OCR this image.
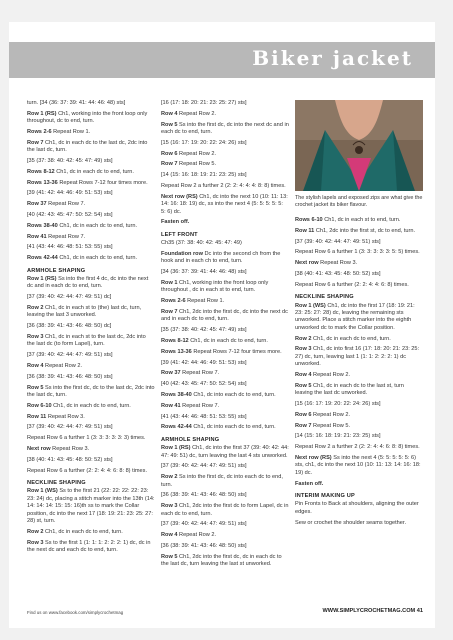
Biker jacket

turn. [34 (36: 37: 39: 41: 44: 46: 48) sts]

Row 1 (RS) Ch1, working into the front loop only throughout, dc to end, turn.

Rows 2-6 Repeat Row 1.

Row 7 Ch1, dc in each dc to the last dc, 2dc into the last dc, turn.

[35 (37: 38: 40: 42: 45: 47: 49) sts]

Rows 8-12 Ch1, dc in each dc to end, turn.

Rows 13-36 Repeat Rows 7-12 four times more.

[39 (41: 42: 44: 46: 49: 51: 53) sts]

Row 37 Repeat Row 7.

[40 (42: 43: 45: 47: 50: 52: 54) sts]

Rows 38-40 Ch1, dc in each dc to end, turn.

Row 41 Repeat Row 7.

[41 (43: 44: 46: 48: 51: 53: 55) sts]

Rows 42-44 Ch1, dc in each dc to end, turn.

ARMHOLE SHAPING

Row 1 (RS) Ss into the first 4 dc, dc into the next dc and in each dc to end, turn.

[37 (39: 40: 42: 44: 47: 49: 51) dc]

Row 2 Ch1, dc in each st to (the) last dc, turn, leaving the last 3 unworked.

[36 (38: 39: 41: 43: 46: 48: 50) dc]

Row 3 Ch1, dc in each st to the last dc, 2dc into the last dc (to form Lapel), turn.

[37 (39: 40: 42: 44: 47: 49: 51) sts]

Row 4 Repeat Row 2.

[36 (38: 39: 41: 43: 46: 48: 50) sts]

Row 5 Ss into the first dc, dc to the last dc, 2dc into the last dc, turn.

Row 6-10 Ch1, dc in each dc to end, turn.

Row 11 Repeat Row 3.

[37 (39: 40: 42: 44: 47: 49: 51) sts]

Repeat Row 6 a further 1 (3: 3: 3: 3: 3: 3) times.

Next row Repeat Row 3.

[38 (40: 41: 43: 45: 48: 50: 52) sts]

Repeat Row 6 a further (2: 2: 4: 4: 6: 8: 8) times.

NECKLINE SHAPING

Row 1 (WS) Ss to the first 21 (22: 22: 22: 22: 23: 23: 24) dc, placing a stitch marker into the 13th (14: 14: 14: 14: 15: 15: 16)th ss to mark the Collar position, dc into the next 17 (18: 19: 21: 23: 25: 27: 28) st, turn.

Row 2 Ch1, dc in each dc to end, turn.

Row 3 Ss to the first 1 (1: 1: 1: 2: 2: 2: 1) dc, dc in the next dc and each dc to end, turn.

[16 (17: 18: 20: 21: 23: 25: 27) sts]

Row 4 Repeat Row 2.

Row 5 Ss into the first dc, dc into the next dc and in each dc to end, turn.

[15 (16: 17: 19: 20: 22: 24: 26) sts]

Row 6 Repeat Row 2.

Row 7 Repeat Row 5.

[14 (15: 16: 18: 19: 21: 23: 25) sts]

Repeat Row 2 a further 2 (2: 2: 4: 4: 4: 8: 8) times.

Next row (RS) Ch1, dc into the next 10 (10: 11: 13: 14: 16: 18: 19) dc, ss into the next 4 (5: 5: 5: 5: 5: 5: 6) dc.

Fasten off.

LEFT FRONT

Ch35 (37: 38: 40: 42: 45: 47: 49)

Foundation row Dc into the second ch from the hook and in each ch to end, turn.

[34 (36: 37: 39: 41: 44: 46: 48) sts]

Row 1 Ch1, working into the front loop only throughout , dc in each st to end, turn.

Rows 2-6 Repeat Row 1.

Row 7 Ch1, 2dc into the first dc, dc into the next dc and in each dc to end, turn.

[35 (37: 38: 40: 42: 45: 47: 49) sts]

Rows 8-12 Ch1, dc in each dc to end, turn.

Rows 13-36 Repeat Rows 7-12 four times more.

[39 (41: 42: 44: 46: 49: 51: 53) sts]

Row 37 Repeat Row 7.

[40 (42: 43: 45: 47: 50: 52: 54) sts]

Rows 38-40 Ch1, dc into each dc to end, turn.

Row 41 Repeat Row 7.

[41 (43: 44: 46: 48: 51: 53: 55) sts]

Rows 42-44 Ch1, dc into each dc to end, turn.

ARMHOLE SHAPING

Row 1 (RS) Ch1, dc into the first 37 (39: 40: 42: 44: 47: 49: 51) dc, turn leaving the last 4 sts unworked.

[37 (39: 40: 42: 44: 47: 49: 51) sts]

Row 2 Ss into the first dc, dc into each dc to end, turn.

[36 (38: 39: 41: 43: 46: 48: 50) sts]

Row 3 Ch1, 2dc into the first dc to form Lapel, dc in each dc to end, turn.

[37 (39: 40: 42: 44: 47: 49: 51) sts]

Row 4 Repeat Row 2.

[36 (38: 39: 41: 43: 46: 48: 50) sts]

Row 5 Ch1, 2dc into the first dc, dc in each dc to the last dc, turn leaving the last st unworked.

The stylish lapels and exposed zips are what give the crochet jacket its biker flavour.

Rows 6-10 Ch1, dc in each st to end, turn.

Row 11 Ch1, 2dc into the first st, dc to end, turn.

[37 (39: 40: 42: 44: 47: 49: 51) sts]

Repeat Row 6 a further 1 (3: 3: 3: 3: 3: 5: 5) times.

Next row Repeat Row 3.

[38 (40: 41: 43: 45: 48: 50: 52) sts]

Repeat Row 6 a further (2: 2: 4: 4: 6: 8) times.

NECKLINE SHAPING

Row 1 (WS) Ch1, dc into the first 17 (18: 19: 21: 23: 25: 27: 28) dc, leaving the remaining sts unworked. Place a stitch marker into the eighth unworked dc to mark the Collar position.

Row 2 Ch1, dc in each dc to end, turn.

Row 3 Ch1, dc into first 16 (17: 18: 20: 21: 23: 25: 27) dc, turn, leaving last 1 (1: 1: 2: 2: 2: 1) dc unworked.

Row 4 Repeat Row 2.

Row 5 Ch1, dc in each dc to the last st, turn leaving the last dc unworked.

[15 (16: 17: 19: 20: 22: 24: 26) sts]

Row 6 Repeat Row 2.

Row 7 Repeat Row 5.

[14 (15: 16: 18: 19: 21: 23: 25) sts]

Repeat Row 2 a further 2 (2: 2: 4: 4: 6: 8: 8) times.

Next row (RS) Ss into the next 4 (5: 5: 5: 5: 5: 6) sts, ch1, dc into the next 10 (10: 11: 13: 14: 16: 18: 19) dc.

Fasten off.

INTERIM MAKING UP

Pin Fronts to Back at shoulders, aligning the outer edges.

Sew or crochet the shoulder seams together.

Find us on www.facebook.com/simplycrochetmag	WWW.SIMPLYCROCHETMAG.COM 41
